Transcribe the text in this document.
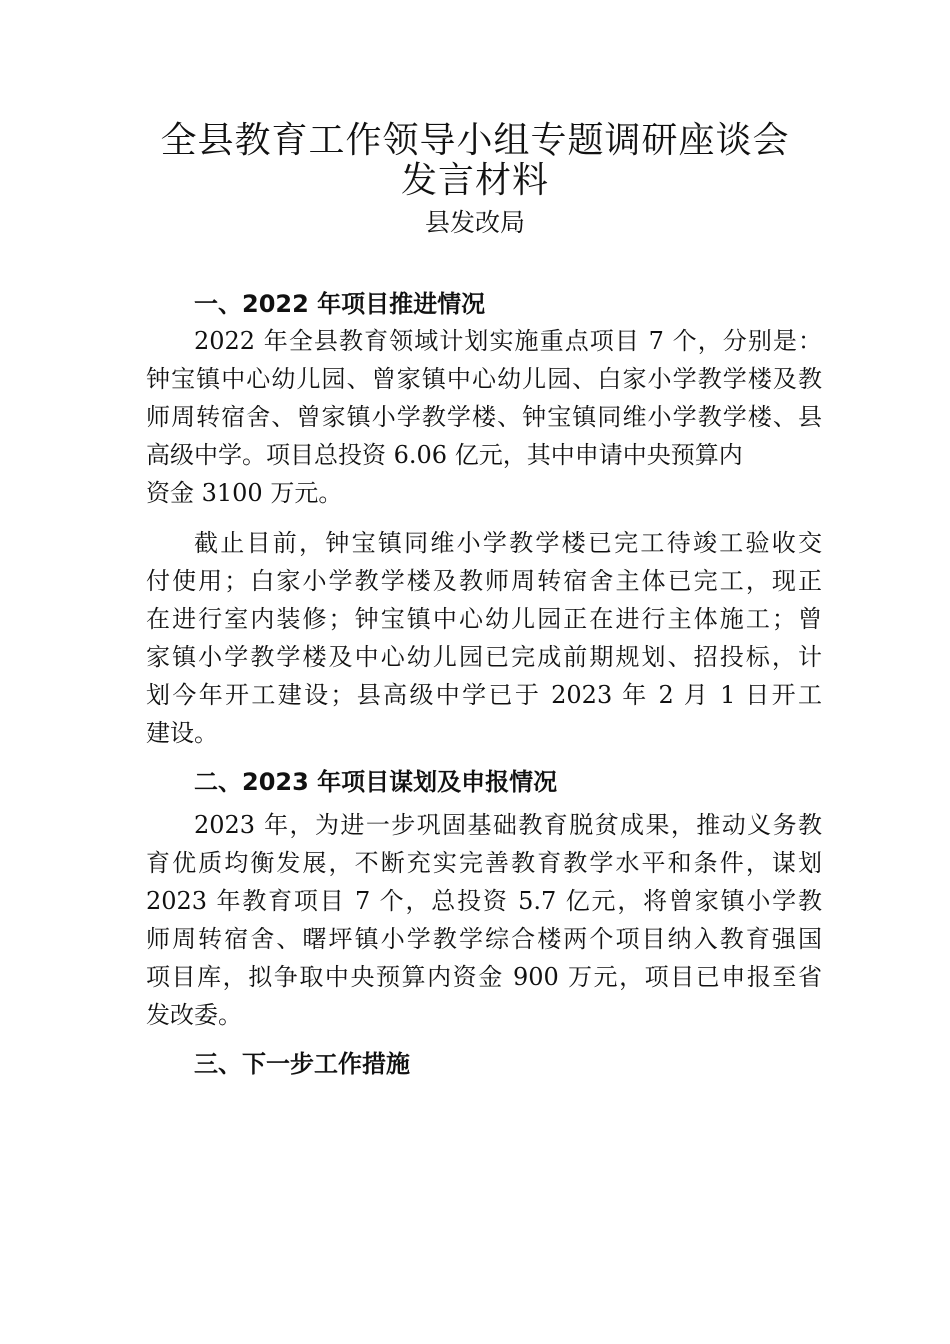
全县教育工作领导小组专题调研座谈会
发言材料
县发改局
一、2022 年项目推进情况
2022 年全县教育领域计划实施重点项目 7 个，分别是：
钟宝镇中心幼儿园、曾家镇中心幼儿园、白家小学教学楼及教
师周转宿舍、曾家镇小学教学楼、钟宝镇同维小学教学楼、县
高级中学。项目总投资 6.06 亿元，其中申请中央预算内
资金 3100 万元。
截止目前，钟宝镇同维小学教学楼已完工待竣工验收交
付使用；白家小学教学楼及教师周转宿舍主体已完工，现正
在进行室内装修；钟宝镇中心幼儿园正在进行主体施工；曾
家镇小学教学楼及中心幼儿园已完成前期规划、招投标，计
划今年开工建设；县高级中学已于 2023 年 2 月 1 日开工
建设。
二、2023 年项目谋划及申报情况
2023 年，为进一步巩固基础教育脱贫成果，推动义务教
育优质均衡发展，不断充实完善教育教学水平和条件，谋划
2023 年教育项目 7 个，总投资 5.7 亿元，将曾家镇小学教
师周转宿舍、曙坪镇小学教学综合楼两个项目纳入教育强国
项目库，拟争取中央预算内资金 900 万元，项目已申报至省
发改委。
三、下一步工作措施
